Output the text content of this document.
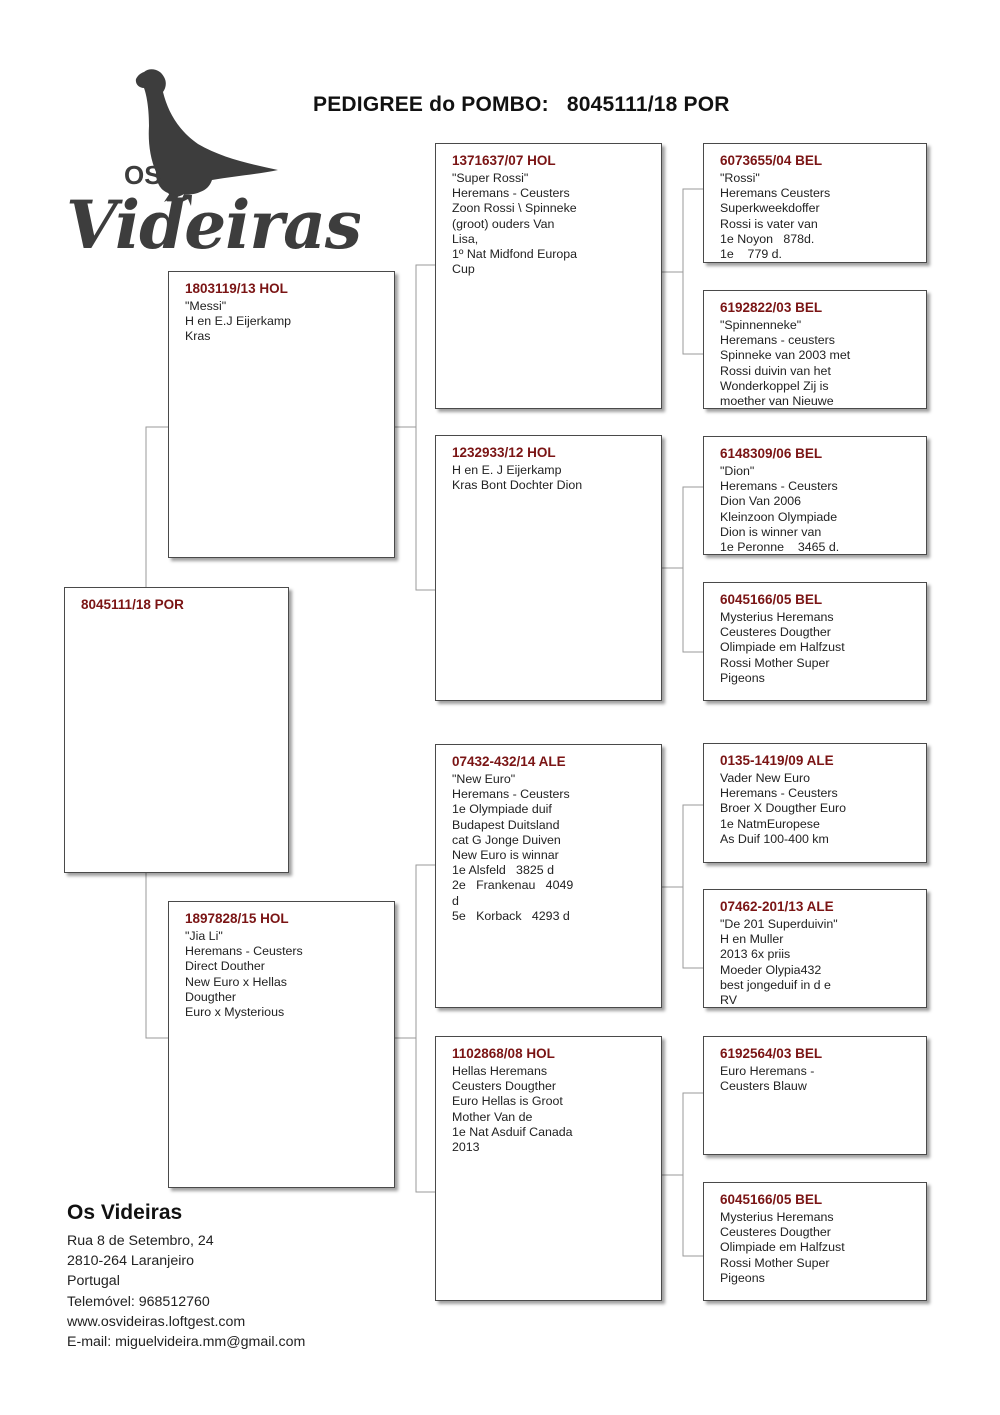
OS
Videiras
PEDIGREE do POMBO:   8045111/18 POR
8045111/18 POR
1803119/13 HOL
"Messi"
H en E.J Eijerkamp
Kras
1897828/15 HOL
"Jia Li"
Heremans - Ceusters
Direct Douther
New Euro x Hellas
Dougther
Euro x Mysterious
1371637/07 HOL
"Super Rossi"
Heremans - Ceusters
Zoon Rossi \ Spinneke
(groot) ouders Van
Lisa,
1º Nat Midfond Europa
Cup
1232933/12 HOL
H en E. J Eijerkamp
Kras Bont Dochter Dion
07432-432/14 ALE
"New Euro"
Heremans - Ceusters
1e Olympiade duif
Budapest Duitsland
cat G Jonge Duiven
New Euro is winnar
1e Alsfeld   3825 d
2e   Frankenau   4049
d
5e   Korback   4293 d
1102868/08 HOL
Hellas Heremans
Ceusters Dougther
Euro Hellas is Groot
Mother Van de
1e Nat Asduif Canada
2013
6073655/04 BEL
"Rossi"
Heremans Ceusters
Superkweekdoffer
Rossi is vater van
1e Noyon   878d.
1e    779 d.
6192822/03 BEL
"Spinnenneke"
Heremans - ceusters
Spinneke van 2003 met
Rossi duivin van het
Wonderkoppel Zij is
moether van Nieuwe
6148309/06 BEL
"Dion"
Heremans - Ceusters
Dion Van 2006
Kleinzoon Olympiade
Dion is winner van
1e Peronne    3465 d.
6045166/05 BEL
Mysterius Heremans
Ceusteres Dougther
Olimpiade em Halfzust
Rossi Mother Super
Pigeons
0135-1419/09 ALE
Vader New Euro
Heremans - Ceusters
Broer X Dougther Euro
1e NatmEuropese
As Duif 100-400 km
07462-201/13 ALE
"De 201 Superduivin"
H en Muller
2013 6x priis
Moeder Olypia432
best jongeduif in d e
RV
6192564/03 BEL
Euro Heremans -
Ceusters Blauw
6045166/05 BEL
Mysterius Heremans
Ceusteres Dougther
Olimpiade em Halfzust
Rossi Mother Super
Pigeons
Os Videiras
Rua 8 de Setembro, 24
2810-264 Laranjeiro
Portugal
Telemóvel: 968512760
www.osvideiras.loftgest.com
E-mail: miguelvideira.mm@gmail.com
